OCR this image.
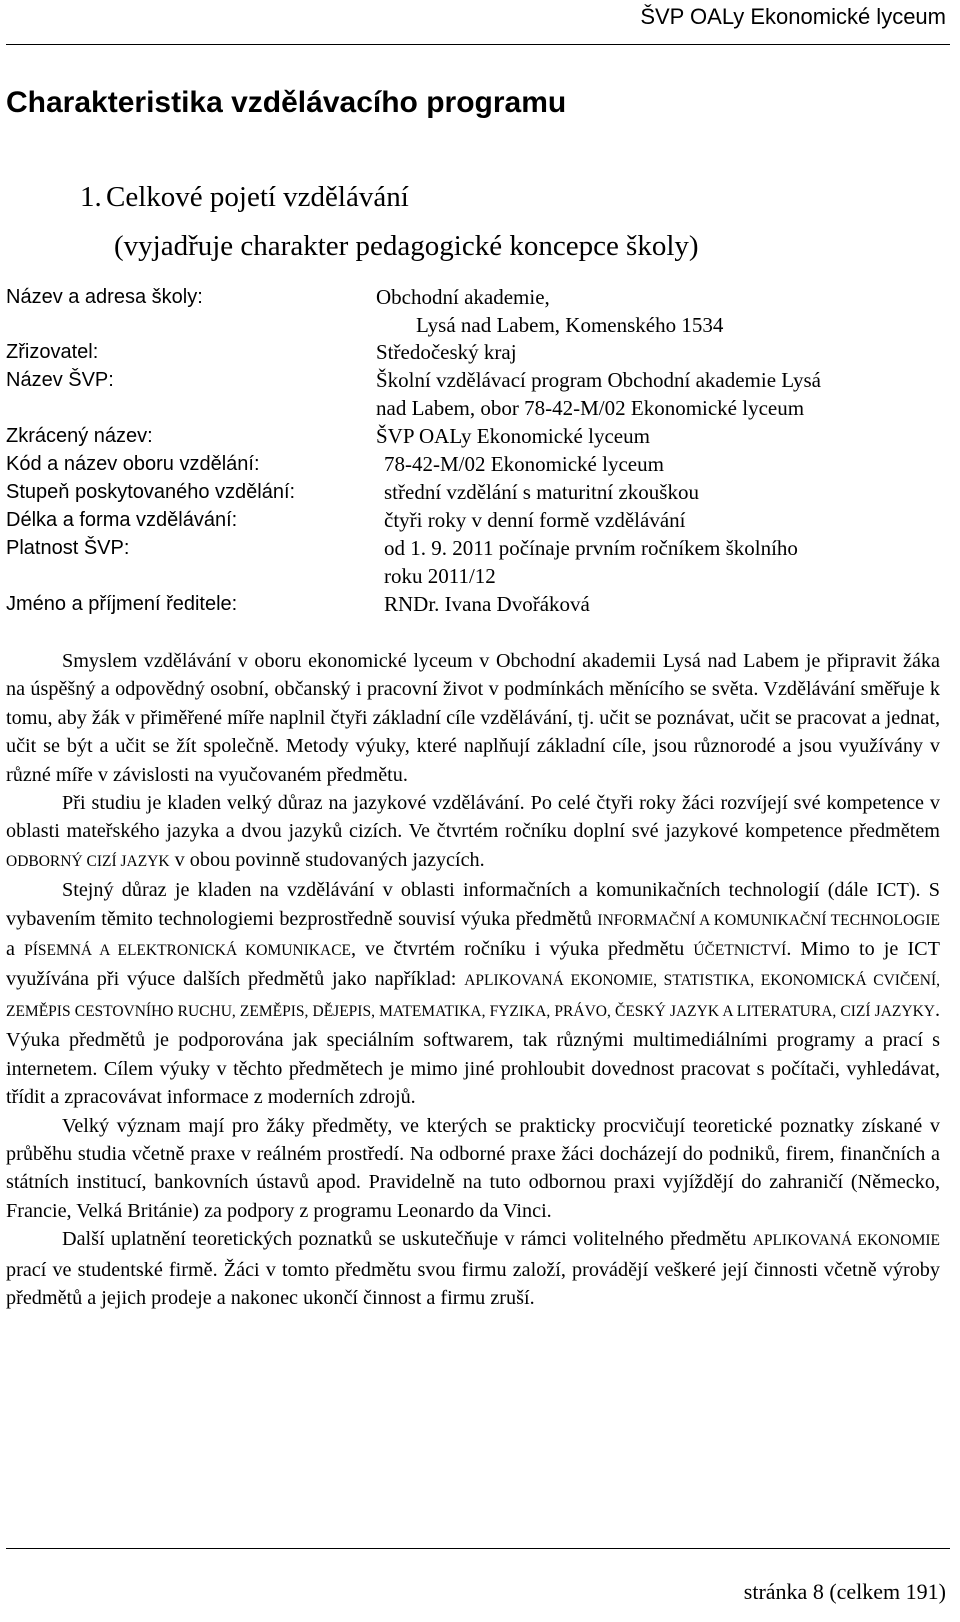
ŠVP OALy Ekonomické lyceum
Charakteristika vzdělávacího programu
1. Celkové pojetí vzdělávání
(vyjadřuje charakter pedagogické koncepce školy)
Název a adresa školy:	Obchodní akademie,
Lysá nad Labem, Komenského 1534
Zřizovatel:	Středočeský kraj
Název ŠVP:	Školní vzdělávací program Obchodní akademie Lysá
nad Labem, obor 78-42-M/02 Ekonomické lyceum
Zkrácený název:	ŠVP OALy Ekonomické lyceum
Kód a název oboru vzdělání:	78-42-M/02 Ekonomické lyceum
Stupeň poskytovaného vzdělání:	střední vzdělání s maturitní zkouškou
Délka a forma vzdělávání:	čtyři roky v denní formě vzdělávání
Platnost ŠVP:	od 1. 9. 2011 počínaje prvním ročníkem školního
roku 2011/12
Jméno a příjmení ředitele:	RNDr. Ivana Dvořáková

Smyslem vzdělávání v oboru ekonomické lyceum v Obchodní akademii Lysá nad Labem je připravit žáka na úspěšný a odpovědný osobní, občanský i pracovní život v podmínkách měnícího se světa. Vzdělávání směřuje k tomu, aby žák v přiměřené míře naplnil čtyři základní cíle vzdělávání, tj. učit se poznávat, učit se pracovat a jednat, učit se být a učit se žít společně. Metody výuky, které naplňují základní cíle, jsou různorodé a jsou využívány v různé míře v závislosti na vyučovaném předmětu.

Při studiu je kladen velký důraz na jazykové vzdělávání. Po celé čtyři roky žáci rozvíjejí své kompetence v oblasti mateřského jazyka a dvou jazyků cizích. Ve čtvrtém ročníku doplní své jazykové kompetence předmětem ODBORNÝ CIZÍ JAZYK v obou povinně studovaných jazycích.

Stejný důraz je kladen na vzdělávání v oblasti informačních a komunikačních technologií (dále ICT). S vybavením těmito technologiemi bezprostředně souvisí výuka předmětů INFORMAČNÍ A KOMUNIKAČNÍ TECHNOLOGIE a PÍSEMNÁ A ELEKTRONICKÁ KOMUNIKACE, ve čtvrtém ročníku i výuka předmětu ÚČETNICTVÍ. Mimo to je ICT využívána při výuce dalších předmětů jako například: APLIKOVANÁ EKONOMIE, STATISTIKA, EKONOMICKÁ CVIČENÍ, ZEMĚPIS CESTOVNÍHO RUCHU, ZEMĚPIS, DĚJEPIS, MATEMATIKA, FYZIKA, PRÁVO, ČESKÝ JAZYK A LITERATURA, CIZÍ JAZYKY. Výuka předmětů je podporována jak speciálním softwarem, tak různými multimediálními programy a prací s internetem. Cílem výuky v těchto předmětech je mimo jiné prohloubit dovednost pracovat s počítači, vyhledávat, třídit a zpracovávat informace z moderních zdrojů.

Velký význam mají pro žáky předměty, ve kterých se prakticky procvičují teoretické poznatky získané v průběhu studia včetně praxe v reálném prostředí. Na odborné praxe žáci docházejí do podniků, firem, finančních a státních institucí, bankovních ústavů apod. Pravidelně na tuto odbornou praxi vyjíždějí do zahraničí (Německo, Francie, Velká Británie) za podpory z programu Leonardo da Vinci.

Další uplatnění teoretických poznatků se uskutečňuje v rámci volitelného předmětu APLIKOVANÁ EKONOMIE prací ve studentské firmě. Žáci v tomto předmětu svou firmu založí, provádějí veškeré její činnosti včetně výroby předmětů a jejich prodeje a nakonec ukončí činnost a firmu zruší.

stránka 8 (celkem 191)
